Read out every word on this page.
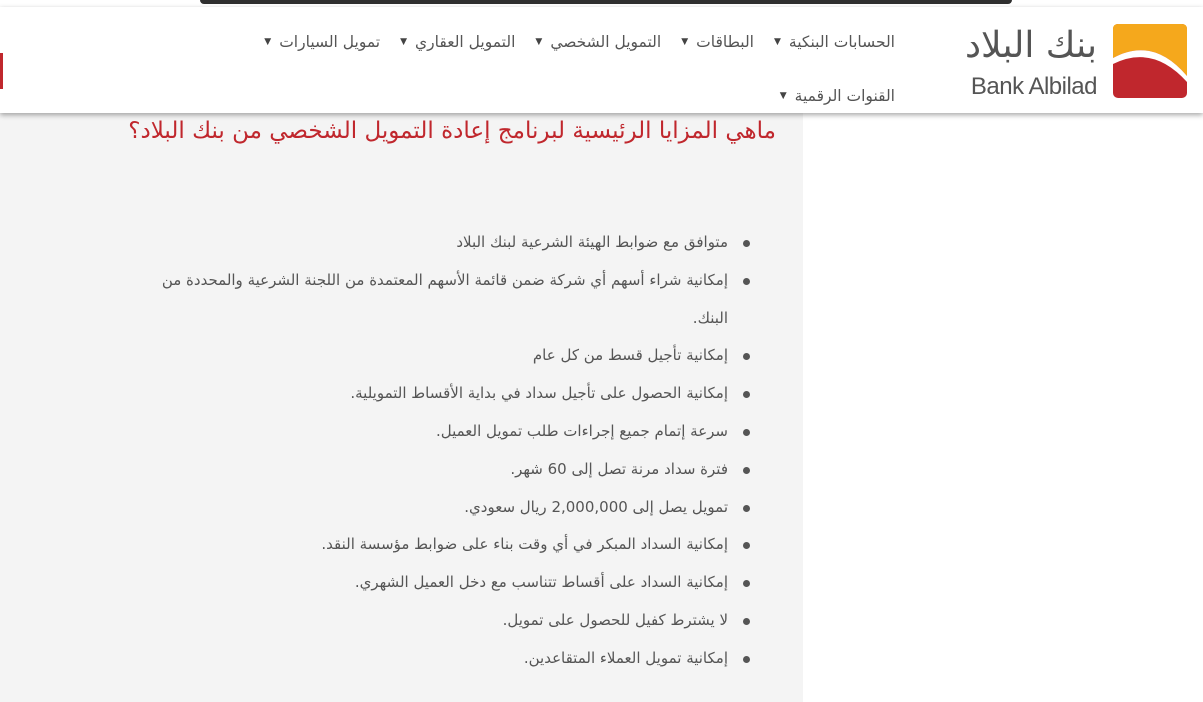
بنك البلاد
Bank Albilad
الحسابات البنكية
▼
البطاقات
▼
التمويل الشخصي
▼
التمويل العقاري
▼
تمويل السيارات
▼
القنوات الرقمية
▼
ماهي المزايا الرئيسية لبرنامج إعادة التمويل الشخصي من بنك البلاد؟
متوافق مع ضوابط الهيئة الشرعية لبنك البلاد
إمكانية شراء أسهم أي شركة ضمن قائمة الأسهم المعتمدة من اللجنة الشرعية والمحددة من
البنك.
إمكانية تأجيل قسط من كل عام
إمكانية الحصول على تأجيل سداد في بداية الأقساط التمويلية.
سرعة إتمام جميع إجراءات طلب تمويل العميل.
فترة سداد مرنة تصل إلى 60 شهر.
تمويل يصل إلى 2,000,000 ريال سعودي.
إمكانية السداد المبكر في أي وقت بناء على ضوابط مؤسسة النقد.
إمكانية السداد على أقساط تتناسب مع دخل العميل الشهري.
لا يشترط كفيل للحصول على تمويل.
إمكانية تمويل العملاء المتقاعدين.
